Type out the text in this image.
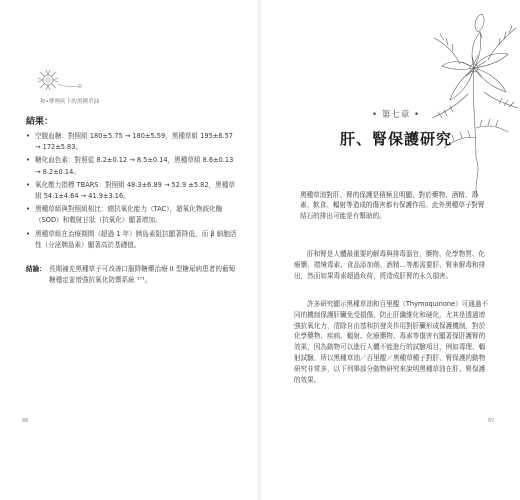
和•孽理疾下的黑種草油
結果：
• 空腹血糖：對照組 180±5.75 → 180±5.59，黑種草組 195±6.57 → 172±5.83。
• 糖化血色素：對照從 8.2±0.12 → 8.5±0.14，黑種草組 8.6±0.13 → 8.2±0.14。
• 氧化壓力指標 TBARS：對照組 48.3±6.89 → 52.9 ±5.82，黑種草組 54.1±4.64 → 41.9±3.16。
• 黑種草組與對照組相比：總抗氧化能力（TAC），超氧化物歧化酶（SOD）和穀胱甘肽（抗氧化）顯著增加。
• 黑種草組在治療期間（超過 1 年）胰島素阻抗顯著降低，而 β 細胞活性（分泌胰島素）顯著高於基礎值。
結論： 長期補充黑種草子可改善口服降糖藥治療 II 型糖尿病患者的葡萄糖穩定並增強抗氧化防禦系統 ¹⁷¹。
86
• 第七章 •
肝、腎保護研究
黑種草油對肝、腎的保護是積極且明顯，對於藥物、酒精、毒素、飲食、輻射等造成的傷害都有保護作用。此外黑種草子對腎結石的排出可能是有幫助的。
肝和腎是人體最重要的解毒與排毒器官，藥物、化學物質、化療藥、環境毒素、食品添加劑、酒精…等都需要肝、腎來解毒和排出，然而如果毒素超過負荷，將造成肝腎的永久損害。
許多研究顯示黑種草油和百里醌（Thymoquinone）可通過不同的機制保護肝臟免受損傷，防止肝纖維化和硬化，尤其是透過增強抗氧化力，清除自由基和抗發炎作用對肝臟形成保護機制，對於化學藥物、疾病、輻射、化療藥物、毒素等傷害有顯著保肝護腎的效果，因為動物可以進行人體不能進行的試驗項目，例如毒理、輻射試驗，所以黑種草油／百里醌／黑種草種子對肝、腎保護的動物研究非常多，以下列舉部分動物研究來說明黑種草油在肝、腎保護的效果。
87
